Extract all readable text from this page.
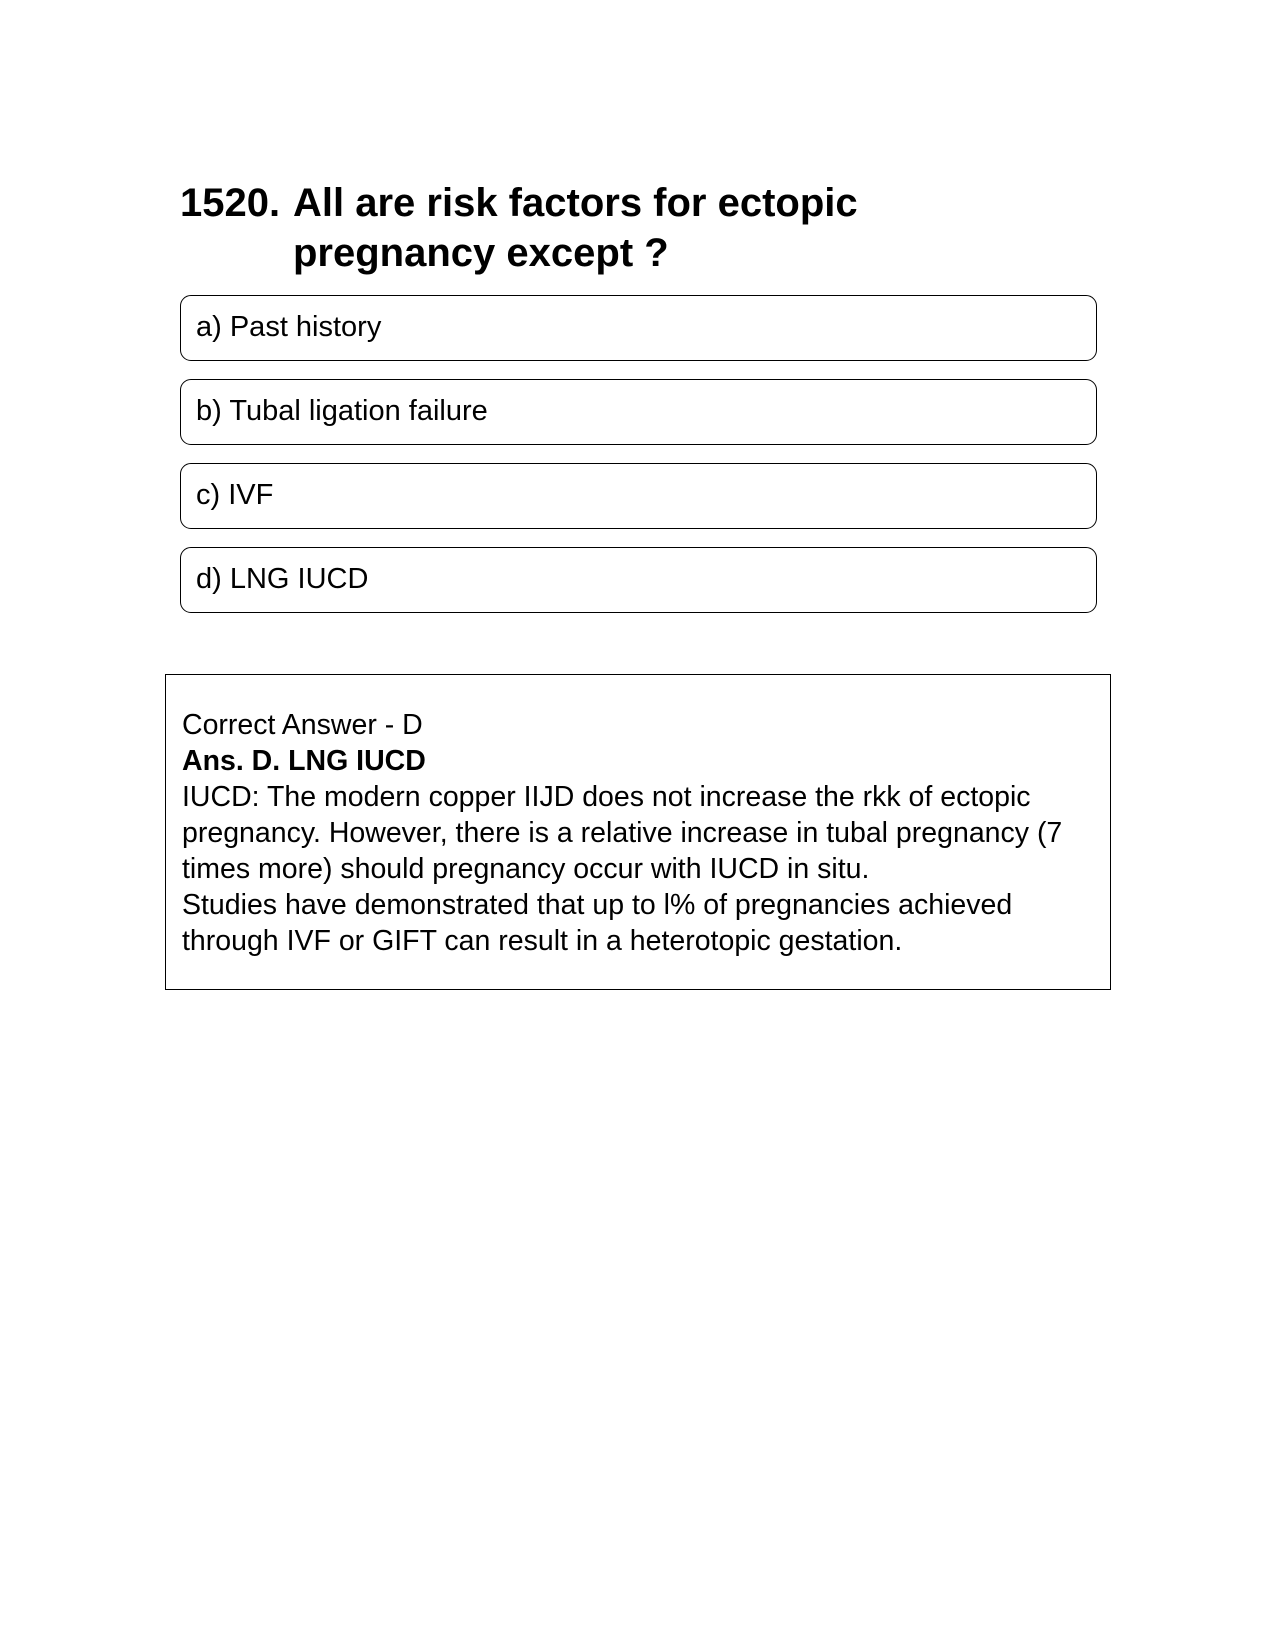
1520. All are risk factors for ectopic pregnancy except ?
a) Past history
b) Tubal ligation failure
c) IVF
d) LNG IUCD

Correct Answer - D

Ans. D. LNG IUCD

IUCD: The modern copper IIJD does not increase the rkk of ectopic pregnancy. However, there is a relative increase in tubal pregnancy (7 times more) should pregnancy occur with IUCD in situ.

Studies have demonstrated that up to l% of pregnancies achieved through IVF or GIFT can result in a heterotopic gestation.
